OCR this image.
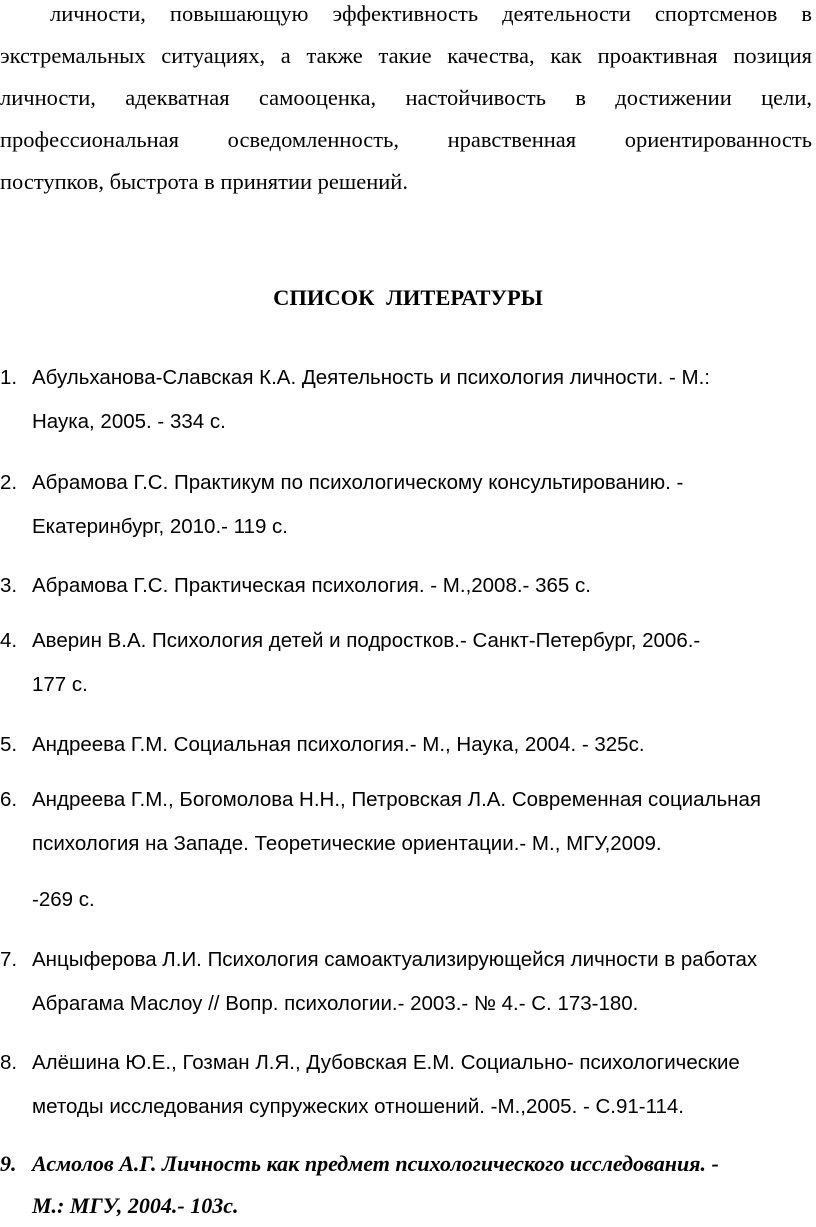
личности, повышающую эффективность деятельности спортсменов в
экстремальных ситуациях, а также такие качества, как проактивная позиция
личности, адекватная самооценка, настойчивость в достижении цели,
профессиональная осведомленность, нравственная ориентированность
поступков, быстрота в принятии решений.
СПИСОК ЛИТЕРАТУРЫ
1. Абульханова-Славская К.А. Деятельность и психология личности. - М.:
Наука, 2005. - 334 с.
2. Абрамова Г.С. Практикум по психологическому консультированию. -
Екатеринбург, 2010.- 119 с.
3. Абрамова Г.С. Практическая психология. - М.,2008.- 365 с.
4. Аверин В.А. Психология детей и подростков.- Санкт-Петербург, 2006.-
177 с.
5. Андреева Г.М. Социальная психология.- М., Наука, 2004. - 325с.
6. Андреева Г.М., Богомолова Н.Н., Петровская Л.А. Современная социальная
психология на Западе. Теоретические ориентации.- М., МГУ,2009.
-269 с.
7. Анцыферова Л.И. Психология самоактуализирующейся личности в работах
Абрагама Маслоу // Вопр. психологии.- 2003.- № 4.- С. 173-180.
8. Алёшина Ю.Е., Гозман Л.Я., Дубовская Е.М. Социально- психологические
методы исследования супружеских отношений. -М.,2005. - С.91-114.
9. Асмолов А.Г. Личность как предмет психологического исследования. -
М.: МГУ, 2004.- 103с.
